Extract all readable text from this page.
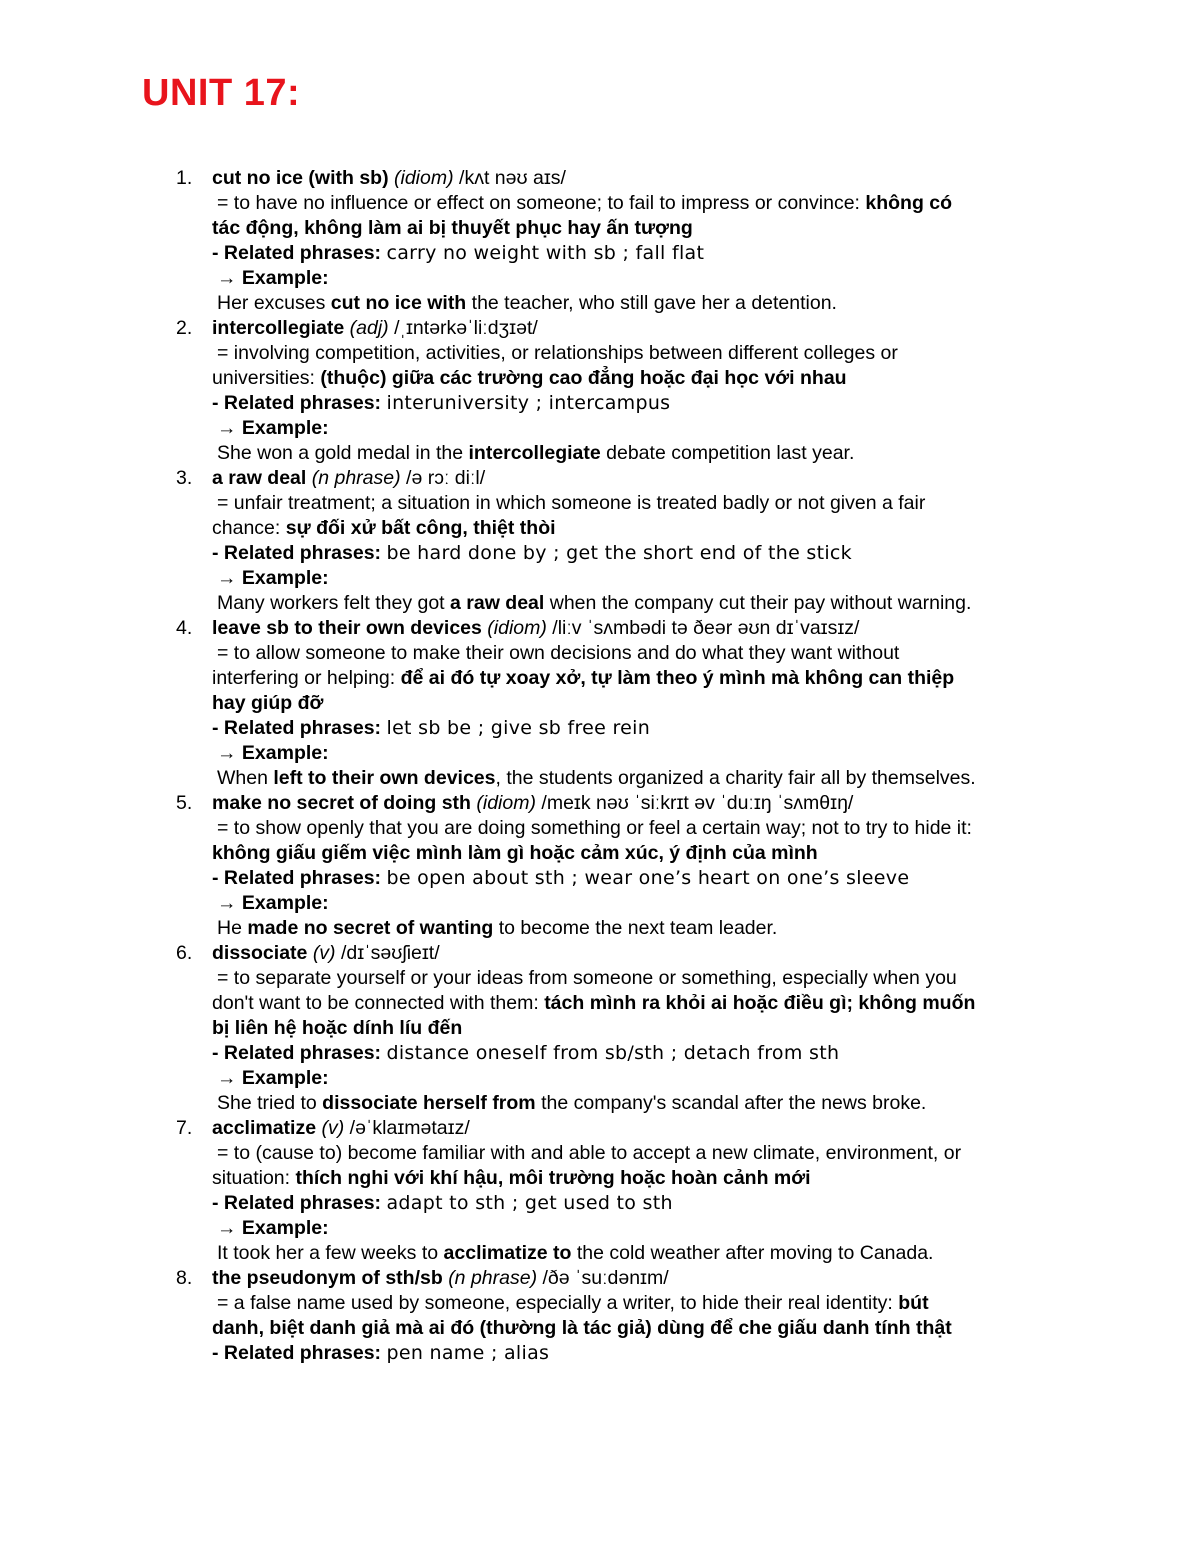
UNIT 17:
1. cut no ice (with sb) (idiom) /kʌt nəʊ aɪs/
= to have no influence or effect on someone; to fail to impress or convince: không có
tác động, không làm ai bị thuyết phục hay ấn tượng
- Related phrases: carry no weight with sb ; fall flat
→ Example:
Her excuses cut no ice with the teacher, who still gave her a detention.
2. intercollegiate (adj) /ˌɪntərkəˈliːdʒɪət/
= involving competition, activities, or relationships between different colleges or
universities: (thuộc) giữa các trường cao đẳng hoặc đại học với nhau
- Related phrases: interuniversity ; intercampus
→ Example:
She won a gold medal in the intercollegiate debate competition last year.
3. a raw deal (n phrase) /ə rɔː diːl/
= unfair treatment; a situation in which someone is treated badly or not given a fair
chance: sự đối xử bất công, thiệt thòi
- Related phrases: be hard done by ; get the short end of the stick
→ Example:
Many workers felt they got a raw deal when the company cut their pay without warning.
4. leave sb to their own devices (idiom) /liːv ˈsʌmbədi tə ðeər əʊn dɪˈvaɪsɪz/
= to allow someone to make their own decisions and do what they want without
interfering or helping: để ai đó tự xoay xở, tự làm theo ý mình mà không can thiệp
hay giúp đỡ
- Related phrases: let sb be ; give sb free rein
→ Example:
When left to their own devices, the students organized a charity fair all by themselves.
5. make no secret of doing sth (idiom) /meɪk nəʊ ˈsiːkrɪt əv ˈduːɪŋ ˈsʌmθɪŋ/
= to show openly that you are doing something or feel a certain way; not to try to hide it:
không giấu giếm việc mình làm gì hoặc cảm xúc, ý định của mình
- Related phrases: be open about sth ; wear one’s heart on one’s sleeve
→ Example:
He made no secret of wanting to become the next team leader.
6. dissociate (v) /dɪˈsəʊʃieɪt/
= to separate yourself or your ideas from someone or something, especially when you
don't want to be connected with them: tách mình ra khỏi ai hoặc điều gì; không muốn
bị liên hệ hoặc dính líu đến
- Related phrases: distance oneself from sb/sth ; detach from sth
→ Example:
She tried to dissociate herself from the company's scandal after the news broke.
7. acclimatize (v) /əˈklaɪmətaɪz/
= to (cause to) become familiar with and able to accept a new climate, environment, or
situation: thích nghi với khí hậu, môi trường hoặc hoàn cảnh mới
- Related phrases: adapt to sth ; get used to sth
→ Example:
It took her a few weeks to acclimatize to the cold weather after moving to Canada.
8. the pseudonym of sth/sb (n phrase) /ðə ˈsuːdənɪm/
= a false name used by someone, especially a writer, to hide their real identity: bút
danh, biệt danh giả mà ai đó (thường là tác giả) dùng để che giấu danh tính thật
- Related phrases: pen name ; alias
